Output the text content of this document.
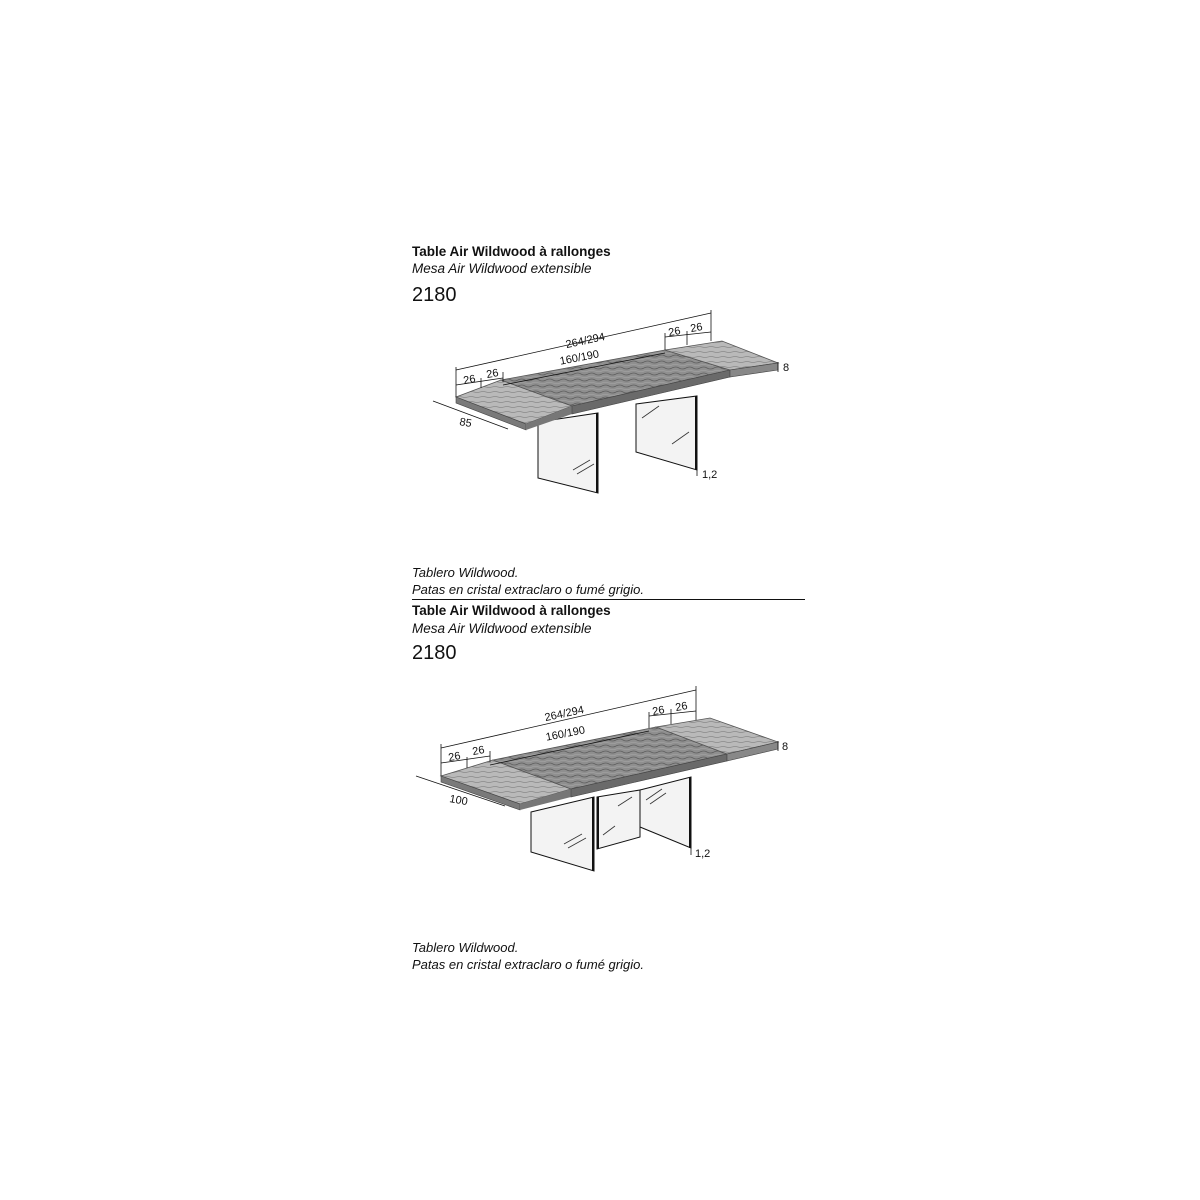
Table Air Wildwood à rallonges
Mesa Air Wildwood extensible
2180
264/294
160/190
26 26
26 26
8
85
1,2
Tablero Wildwood.
Patas en cristal extraclaro o fumé grigio.
Table Air Wildwood à rallonges
Mesa Air Wildwood extensible
2180
264/294
160/190
26 26
26 26
8
100
1,2
Tablero Wildwood.
Patas en cristal extraclaro o fumé grigio.
